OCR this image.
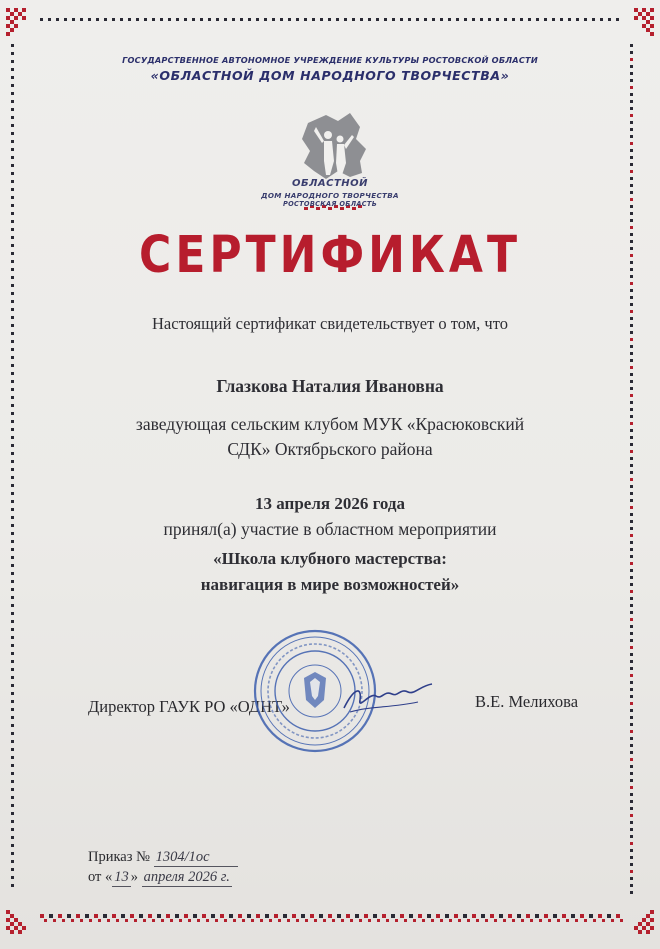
ГОСУДАРСТВЕННОЕ АВТОНОМНОЕ УЧРЕЖДЕНИЕ КУЛЬТУРЫ РОСТОВСКОЙ ОБЛАСТИ
«ОБЛАСТНОЙ ДОМ НАРОДНОГО ТВОРЧЕСТВА»
ОБЛАСТНОЙ
ДОМ НАРОДНОГО ТВОРЧЕСТВА
РОСТОВСКАЯ ОБЛАСТЬ
СЕРТИФИКАТ
Настоящий сертификат свидетельствует о том, что
Глазкова Наталия Ивановна
заведующая сельским клубом МУК «Красюковский
СДК» Октябрьского района
13 апреля 2026 года
принял(а) участие в областном мероприятии
«Школа клубного мастерства:
навигация в мире возможностей»
Директор ГАУК РО «ОДНТ»	В.Е. Мелихова
Приказ № 1304/1ос
от « 13 » апреля 2026 г.
